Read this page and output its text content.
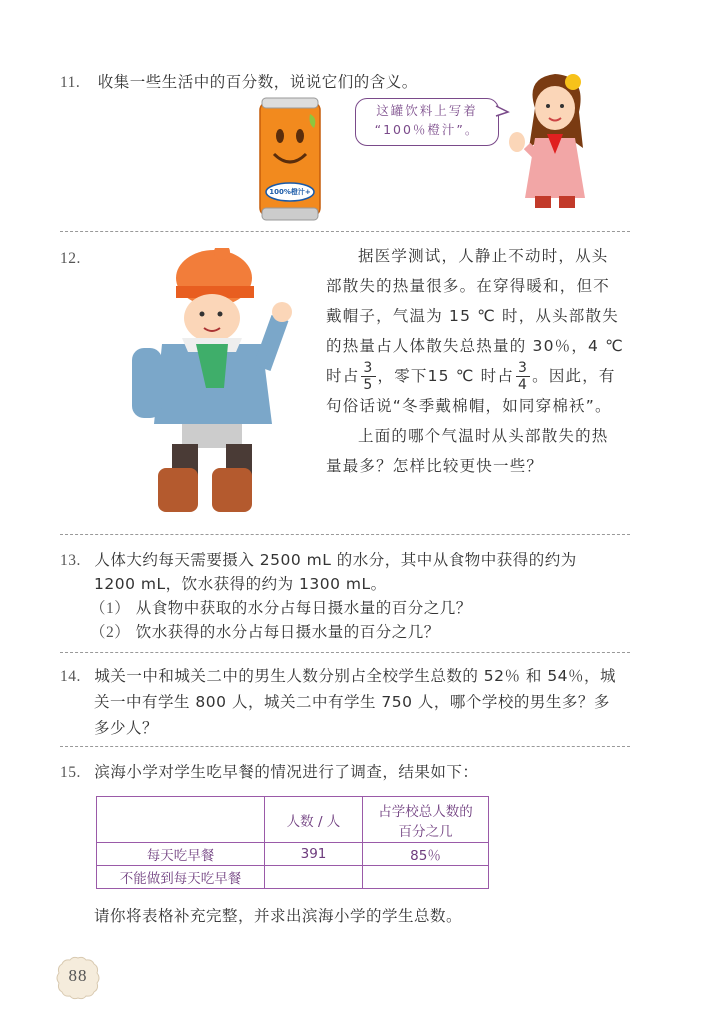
11. 收集一些生活中的百分数，说说它们的含义。
100%橙汁+
这罐饮料上写着
“100％橙汁”。
12.	据医学测试，人静止不动时，从头
部散失的热量很多。在穿得暖和，但不
戴帽子，气温为 15 ℃ 时，从头部散失
的热量占人体散失总热量的 30％，4 ℃
时占 $\frac{3}{5}$ ，零下15 ℃ 时占 $\frac{3}{4}$ 。因此，有
句俗话说“冬季戴棉帽，如同穿棉袄”。
上面的哪个气温时从头部散失的热
量最多？怎样比较更快一些？
13. 人体大约每天需要摄入 2500 mL 的水分，其中从食物中获得的约为
1200 mL，饮水获得的约为 1300 mL。
（1） 从食物中获取的水分占每日摄水量的百分之几？
（2） 饮水获得的水分占每日摄水量的百分之几？
14. 城关一中和城关二中的男生人数分别占全校学生总数的 52％ 和 54％，城
关一中有学生 800 人，城关二中有学生 750 人，哪个学校的男生多？多
多少人？
15. 滨海小学对学生吃早餐的情况进行了调查，结果如下：
	人数 / 人	占学校总人数的
百分之几

每天吃早餐	391	85％
不能做到每天吃早餐		
请你将表格补充完整，并求出滨海小学的学生总数。
88
